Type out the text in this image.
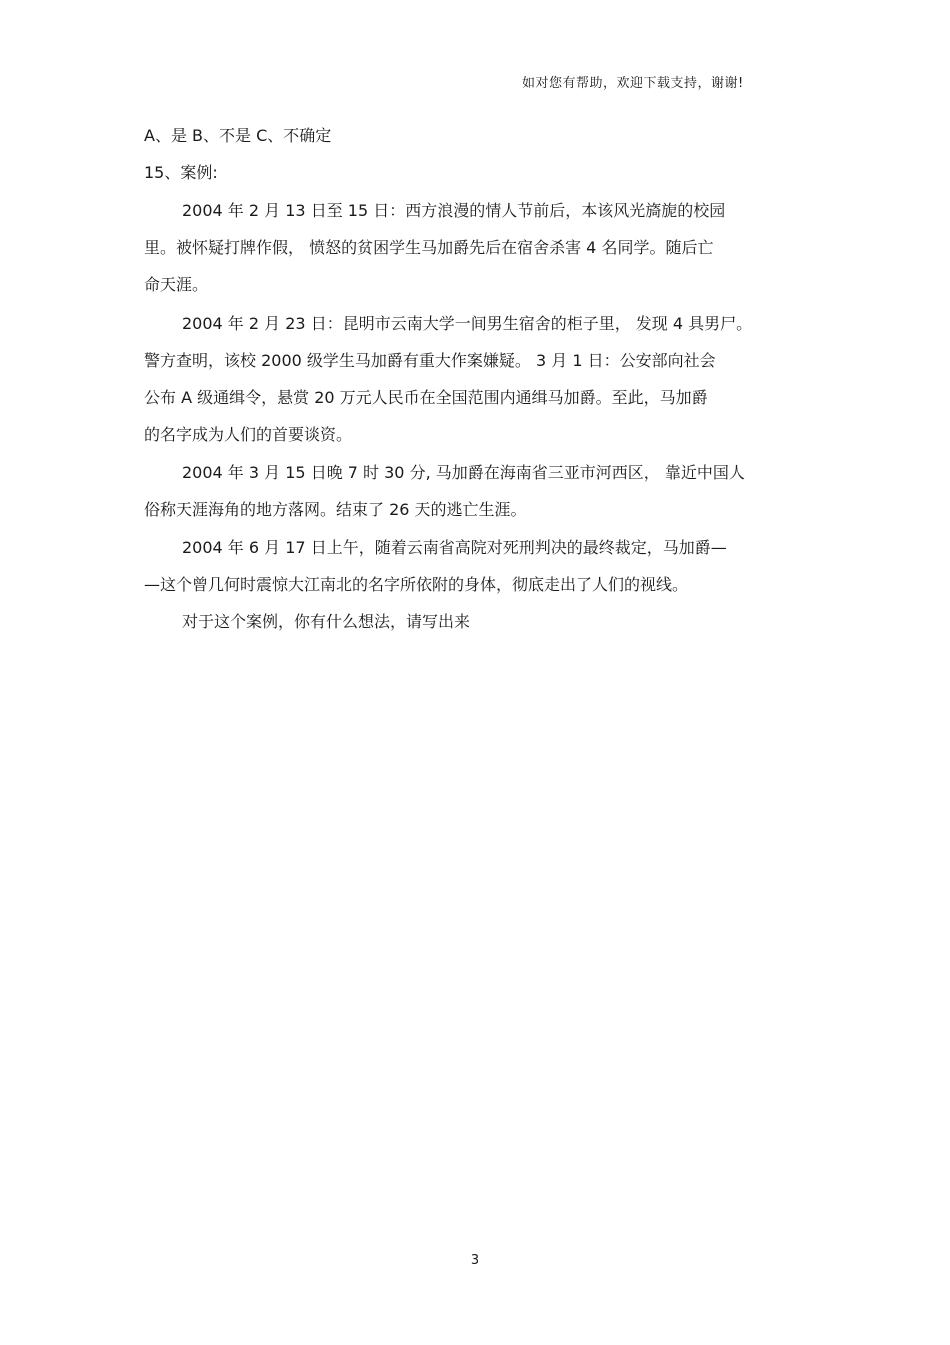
如对您有帮助，欢迎下载支持，谢谢!
A、是 B、不是 C、不确定
15、案例:
2004 年 2 月 13 日至 15 日：西方浪漫的情人节前后，本该风光旖旎的校园
里。被怀疑打牌作假， 愤怒的贫困学生马加爵先后在宿舍杀害 4 名同学。随后亡
命天涯。
2004 年 2 月 23 日：昆明市云南大学一间男生宿舍的柜子里， 发现 4 具男尸。
警方查明，该校 2000 级学生马加爵有重大作案嫌疑。 3 月 1 日：公安部向社会
公布 A 级通缉令，悬赏 20 万元人民币在全国范围内通缉马加爵。至此，马加爵
的名字成为人们的首要谈资。
2004 年 3 月 15 日晚 7 时 30 分, 马加爵在海南省三亚市河西区， 靠近中国人
俗称天涯海角的地方落网。结束了 26 天的逃亡生涯。
2004 年 6 月 17 日上午，随着云南省高院对死刑判决的最终裁定，马加爵—
—这个曾几何时震惊大江南北的名字所依附的身体，彻底走出了人们的视线。
对于这个案例，你有什么想法，请写出来
3
